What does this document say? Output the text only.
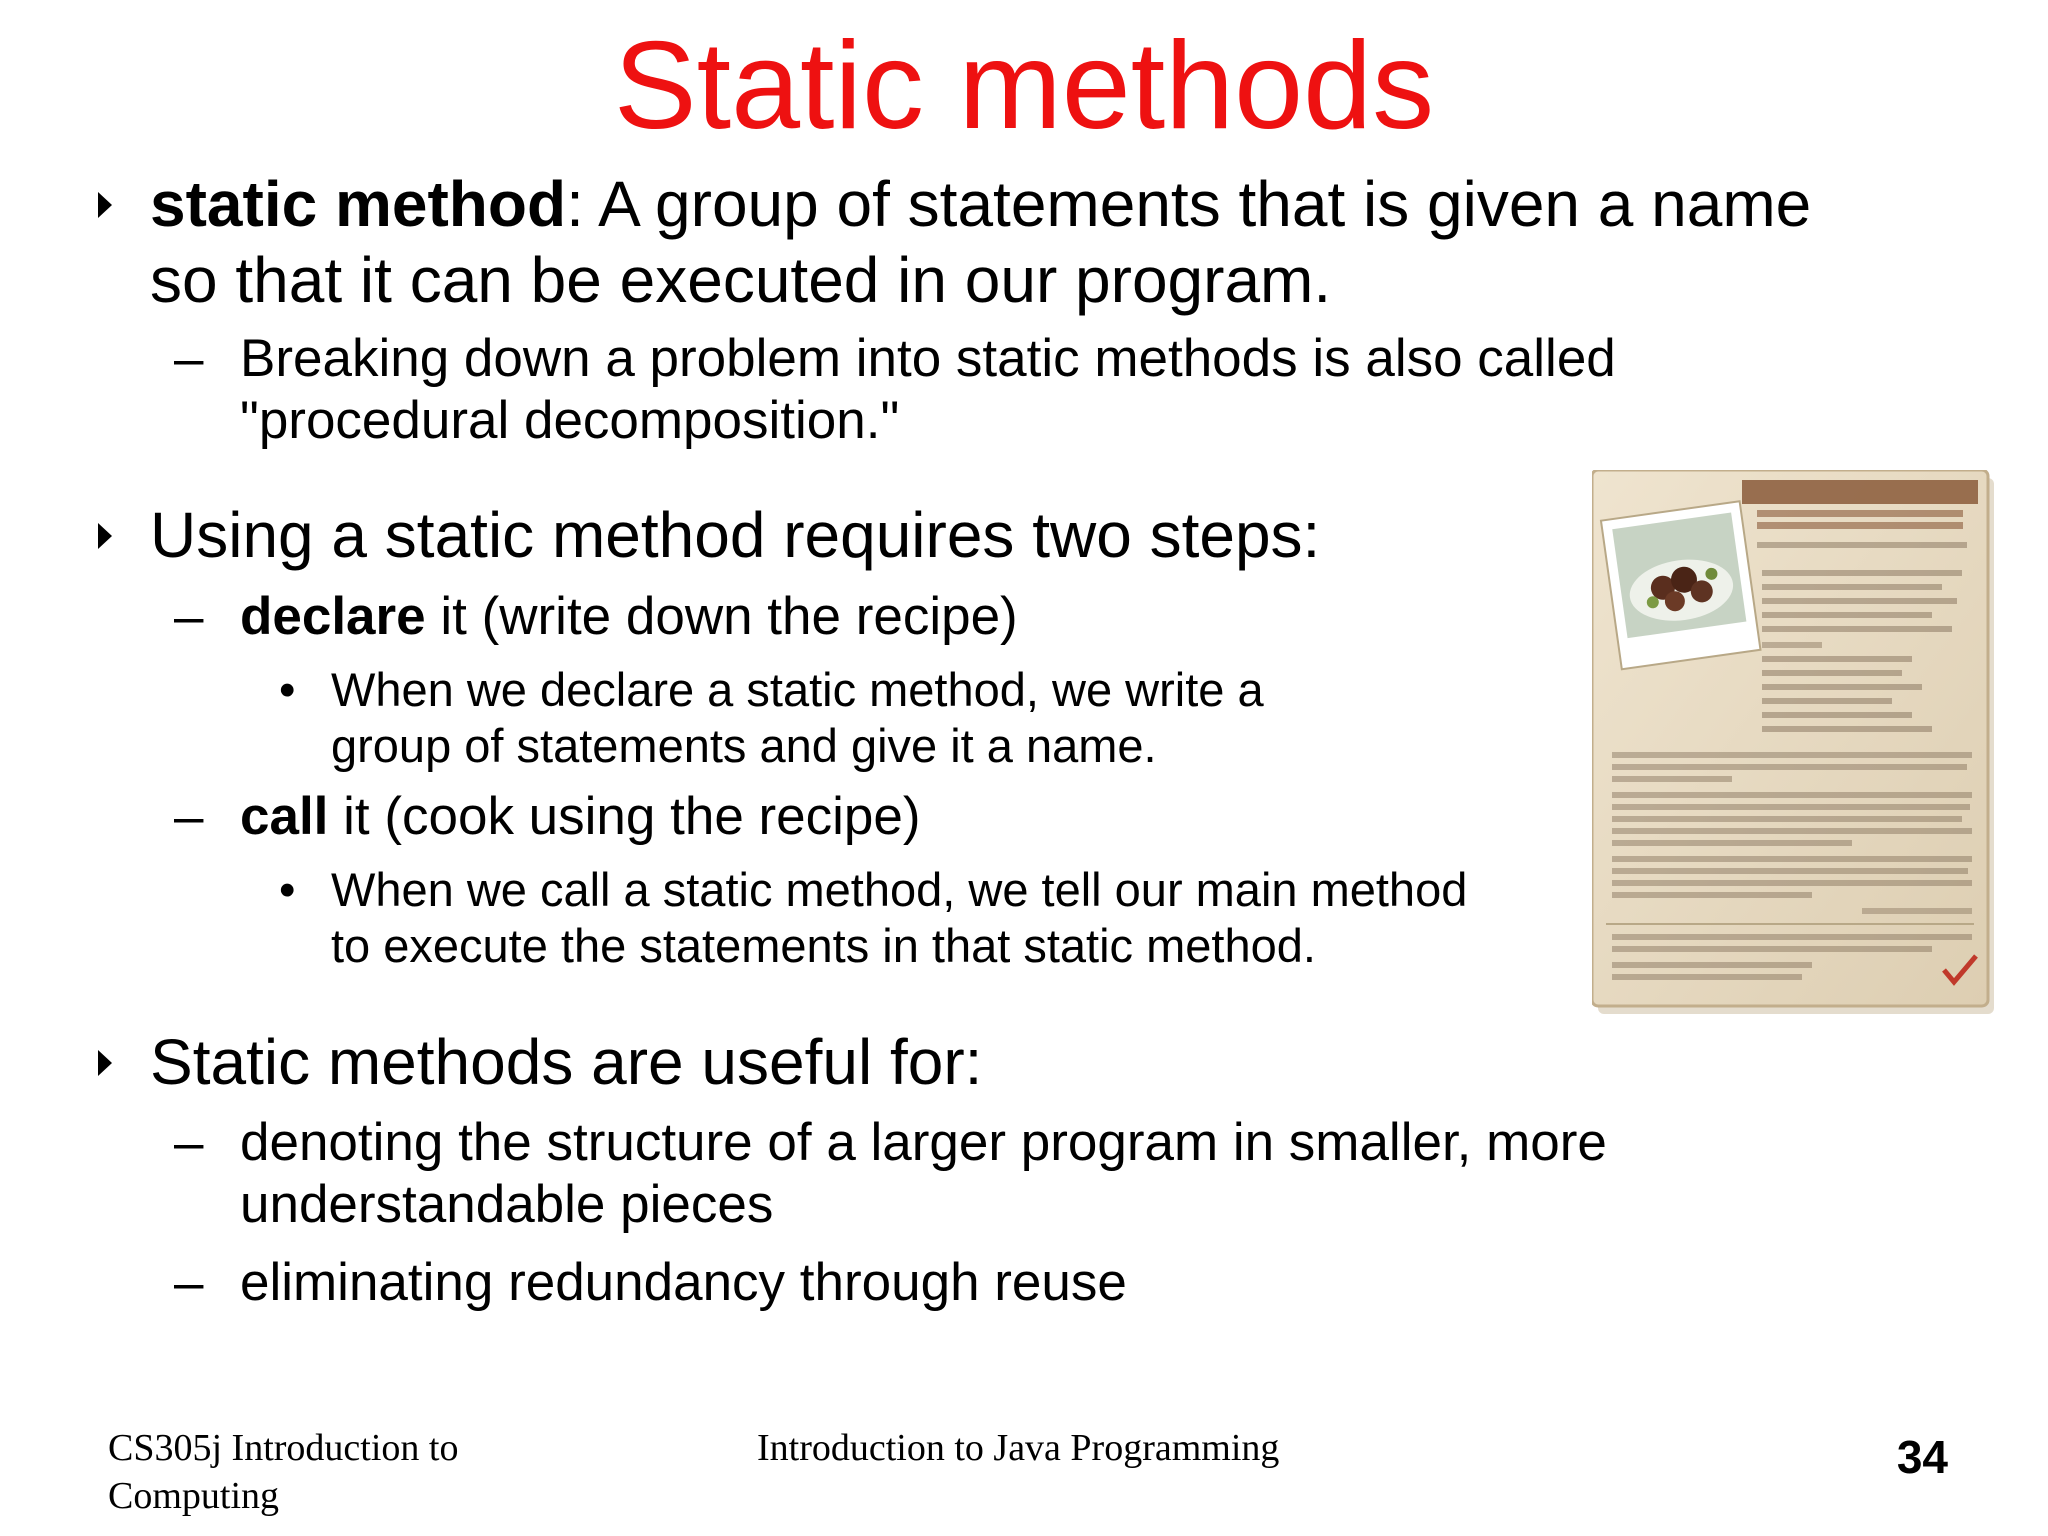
Static methods
static method: A group of statements that is given a name
so that it can be executed in our program.
– Breaking down a problem into static methods is also called
"procedural decomposition."
Using a static method requires two steps:
– declare it (write down the recipe)
• When we declare a static method, we write a
group of statements and give it a name.
– call it (cook using the recipe)
• When we call a static method, we tell our main method
to execute the statements in that static method.
Static methods are useful for:
– denoting the structure of a larger program in smaller, more
understandable pieces
– eliminating redundancy through reuse
CS305j Introduction to
Computing
Introduction to Java Programming	34
